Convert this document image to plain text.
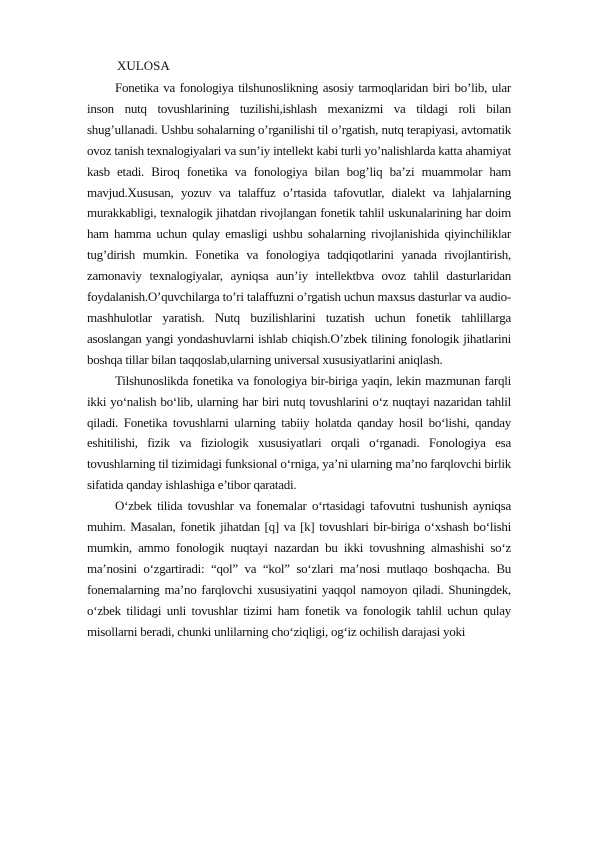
XULOSA

Fonetika va fonologiya tilshunoslikning asosiy tarmoqlaridan biri bo’lib, ular inson nutq tovushlarining tuzilishi,ishlash mexanizmi va tildagi roli bilan shug’ullanadi. Ushbu sohalarning o’rganilishi til o’rgatish, nutq terapiyasi, avtomatik ovoz tanish texnalogiyalari va sun’iy intellekt kabi turli yo’nalishlarda katta ahamiyat kasb etadi. Biroq fonetika va fonologiya bilan bog’liq ba’zi muammolar ham mavjud.Xususan, yozuv va talaffuz o’rtasida tafovutlar, dialekt va lahjalarning murakkabligi, texnalogik jihatdan rivojlangan fonetik tahlil uskunalarining har doim ham hamma uchun qulay emasligi ushbu sohalarning rivojlanishida qiyinchiliklar tug’dirish mumkin. Fonetika va fonologiya tadqiqotlarini yanada rivojlantirish, zamonaviy texnalogiyalar, ayniqsa aun’iy intellektbva ovoz tahlil dasturlaridan foydalanish.O’quvchilarga to’ri talaffuzni o’rgatish uchun maxsus dasturlar va audio-mashhulotlar yaratish. Nutq buzilishlarini tuzatish uchun fonetik tahlillarga asoslangan yangi yondashuvlarni ishlab chiqish.O’zbek tilining fonologik jihatlarini boshqa tillar bilan taqqoslab,ularning universal xususiyatlarini aniqlash.

Tilshunoslikda fonetika va fonologiya bir-biriga yaqin, lekin mazmunan farqli ikki yo‘nalish bo‘lib, ularning har biri nutq tovushlarini o‘z nuqtayi nazaridan tahlil qiladi. Fonetika tovushlarni ularning tabiiy holatda qanday hosil bo‘lishi, qanday eshitilishi, fizik va fiziologik xususiyatlari orqali o‘rganadi. Fonologiya esa tovushlarning til tizimidagi funksional o‘rniga, ya’ni ularning ma’no farqlovchi birlik sifatida qanday ishlashiga e’tibor qaratadi.

O‘zbek tilida tovushlar va fonemalar o‘rtasidagi tafovutni tushunish ayniqsa muhim. Masalan, fonetik jihatdan [q] va [k] tovushlari bir-biriga o‘xshash bo‘lishi mumkin, ammo fonologik nuqtayi nazardan bu ikki tovushning almashishi so‘z ma’nosini o‘zgartiradi: “qol” va “kol” so‘zlari ma’nosi mutlaqo boshqacha. Bu fonemalarning ma’no farqlovchi xususiyatini yaqqol namoyon qiladi. Shuningdek, o‘zbek tilidagi unli tovushlar tizimi ham fonetik va fonologik tahlil uchun qulay misollarni beradi, chunki unlilarning cho‘ziqligi, og‘iz ochilish darajasi yoki
